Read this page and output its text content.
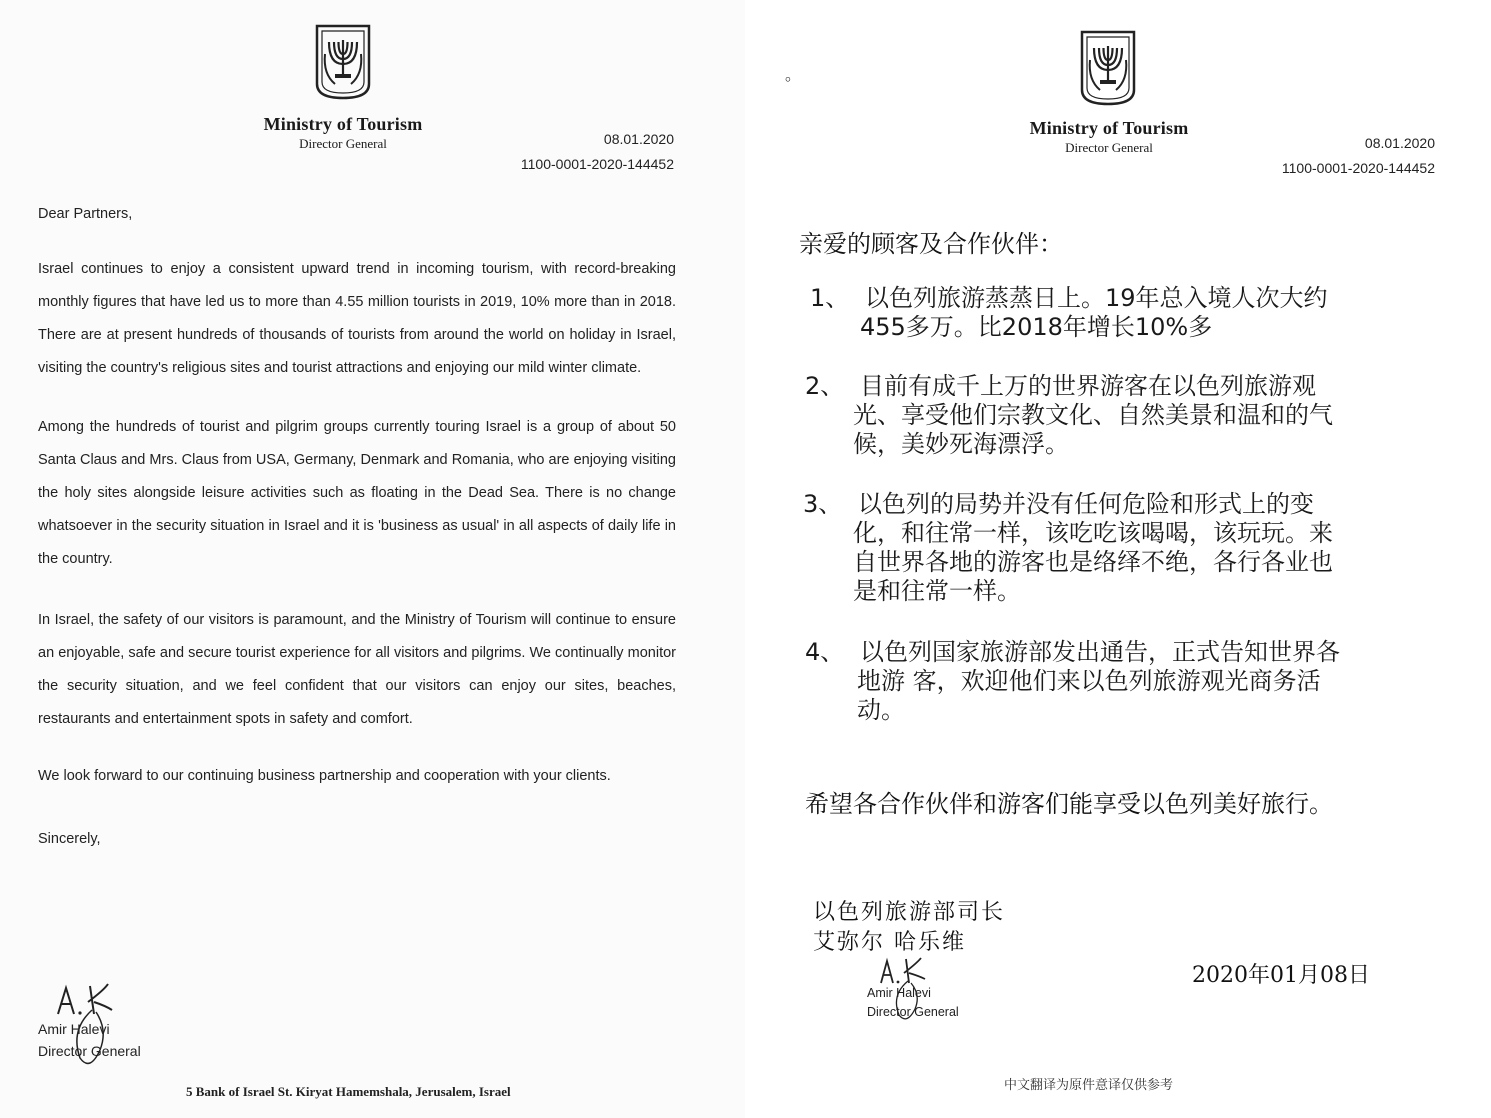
Ministry of Tourism
Director General	08.01.2020
1100-0001-2020-144452

Dear Partners,

Israel continues to enjoy a consistent upward trend in incoming tourism, with record-breaking monthly figures that have led us to more than 4.55 million tourists in 2019, 10% more than in 2018. There are at present hundreds of thousands of tourists from around the world on holiday in Israel, visiting the country's religious sites and tourist attractions and enjoying our mild winter climate.

Among the hundreds of tourist and pilgrim groups currently touring Israel is a group of about 50 Santa Claus and Mrs. Claus from USA, Germany, Denmark and Romania, who are enjoying visiting the holy sites alongside leisure activities such as floating in the Dead Sea. There is no change whatsoever in the security situation in Israel and it is 'business as usual' in all aspects of daily life in the country.

In Israel, the safety of our visitors is paramount, and the Ministry of Tourism will continue to ensure an enjoyable, safe and secure tourist experience for all visitors and pilgrims. We continually monitor the security situation, and we feel confident that our visitors can enjoy our sites, beaches, restaurants and entertainment spots in safety and comfort.

We look forward to our continuing business partnership and cooperation with your clients.

Sincerely,

Amir Halevi
Director General
5 Bank of Israel St. Kiryat Hamemshala, Jerusalem, Israel
。
Ministry of Tourism
Director General	08.01.2020
1100-0001-2020-144452
亲爱的顾客及合作伙伴：
1、 以色列旅游蒸蒸日上。19年总入境人次大约
455多万。比2018年增长10%多
2、 目前有成千上万的世界游客在以色列旅游观
光、享受他们宗教文化、自然美景和温和的气
候，美妙死海漂浮。
3、 以色列的局势并没有任何危险和形式上的变
化，和往常一样，该吃吃该喝喝，该玩玩。来
自世界各地的游客也是络绎不绝，各行各业也
是和往常一样。
4、 以色列国家旅游部发出通告，正式告知世界各
地游 客，欢迎他们来以色列旅游观光商务活
动。
希望各合作伙伴和游客们能享受以色列美好旅行。
以色列旅游部司长
艾弥尔 哈乐维
Amir Halevi
Director General
2020年01月08日
中文翻译为原件意译仅供参考
